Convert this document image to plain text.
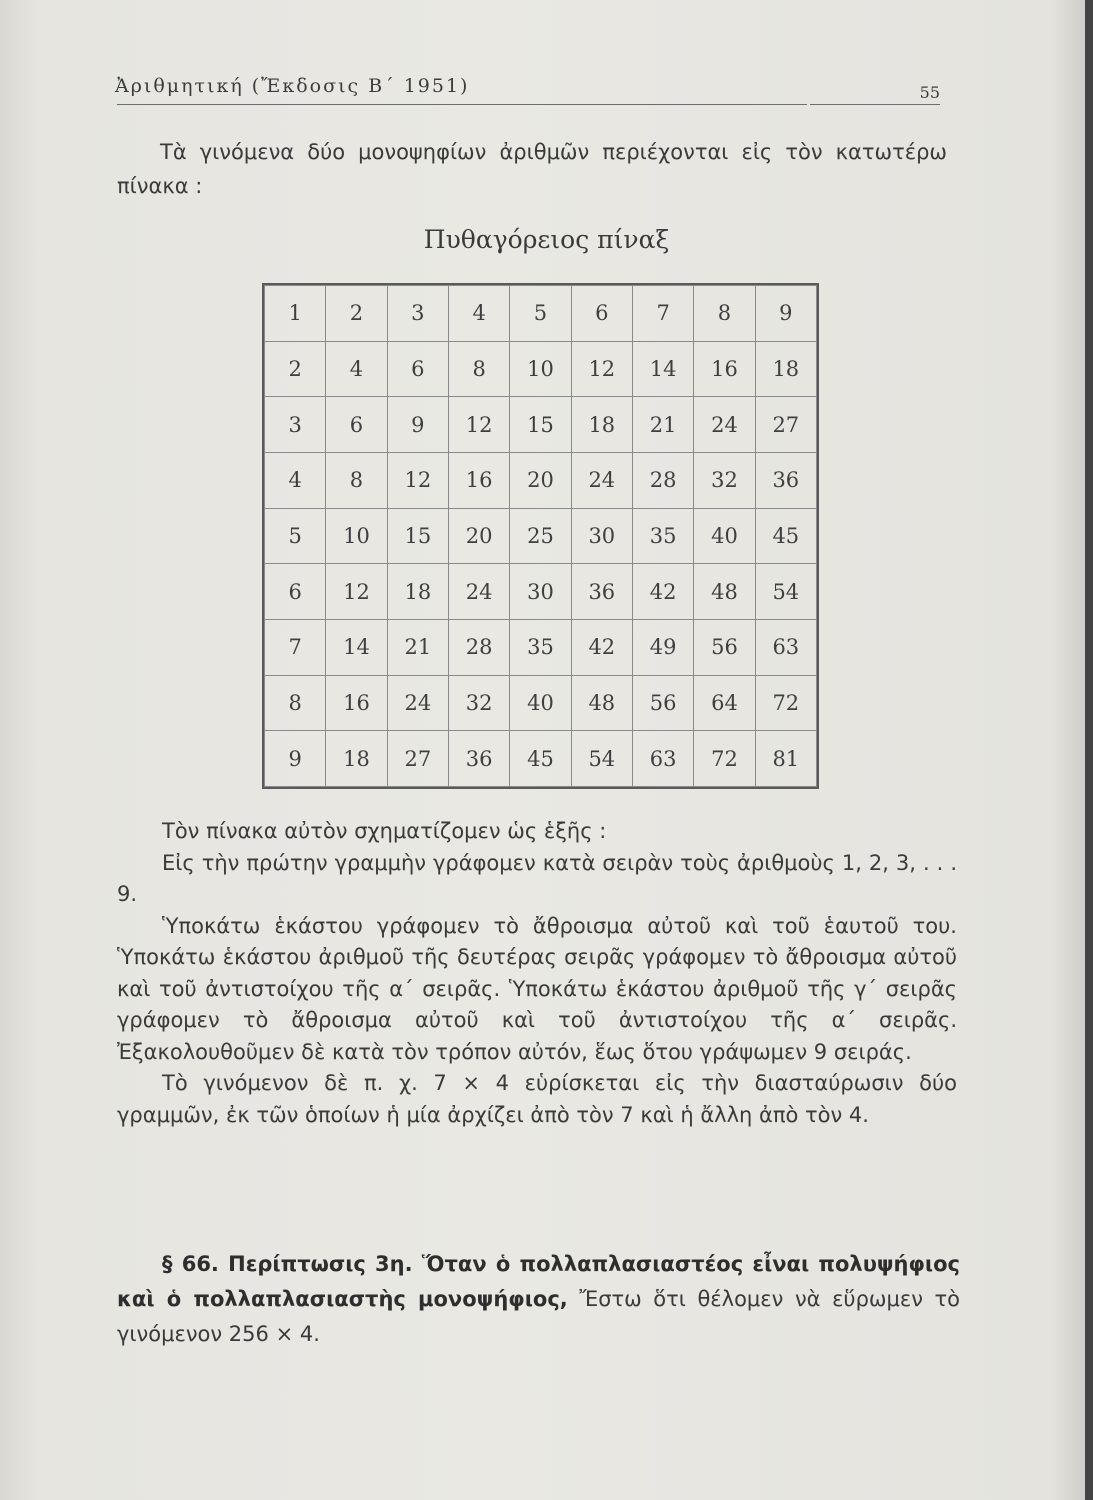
Ἀριθμητική (Ἔκδοσις Β΄ 1951)	55
Τὰ γινόμενα δύο μονοψηφίων ἀριθμῶν περιέχονται εἰς τὸν κατωτέρω πίνακα :
Πυθαγόρειος πίναξ
1	2	3	4	5	6	7	8	9
2	4	6	8	10	12	14	16	18
3	6	9	12	15	18	21	24	27
4	8	12	16	20	24	28	32	36
5	10	15	20	25	30	35	40	45
6	12	18	24	30	36	42	48	54
7	14	21	28	35	42	49	56	63
8	16	24	32	40	48	56	64	72
9	18	27	36	45	54	63	72	81

Τὸν πίνακα αὐτὸν σχηματίζομεν ὡς ἑξῆς :

Εἰς τὴν πρώτην γραμμὴν γράφομεν κατὰ σειρὰν τοὺς ἀριθμοὺς 1, 2, 3, . . . 9.

Ὑποκάτω ἑκάστου γράφομεν τὸ ἄθροισμα αὐτοῦ καὶ τοῦ ἑαυτοῦ του. Ὑποκάτω ἑκάστου ἀριθμοῦ τῆς δευτέρας σειρᾶς γράφομεν τὸ ἄθροισμα αὐτοῦ καὶ τοῦ ἀντιστοίχου τῆς α΄ σειρᾶς. Ὑποκάτω ἑκάστου ἀριθμοῦ τῆς γ΄ σειρᾶς γράφομεν τὸ ἄθροισμα αὐτοῦ καὶ τοῦ ἀντιστοίχου τῆς α΄ σειρᾶς. Ἐξακολουθοῦμεν δὲ κατὰ τὸν τρόπον αὐτόν, ἕως ὅτου γράψωμεν 9 σειράς.

Τὸ γινόμενον δὲ π. χ. 7 × 4 εὑρίσκεται εἰς τὴν διασταύρωσιν δύο γραμμῶν, ἐκ τῶν ὁποίων ἡ μία ἀρχίζει ἀπὸ τὸν 7 καὶ ἡ ἄλλη ἀπὸ τὸν 4.

§ 66. Περίπτωσις 3η. Ὅταν ὁ πολλαπλασιαστέος εἶναι πολυψήφιος καὶ ὁ πολλαπλασιαστὴς μονοψήφιος, Ἔστω ὅτι θέλομεν νὰ εὕρωμεν τὸ γινόμενον 256 × 4.
